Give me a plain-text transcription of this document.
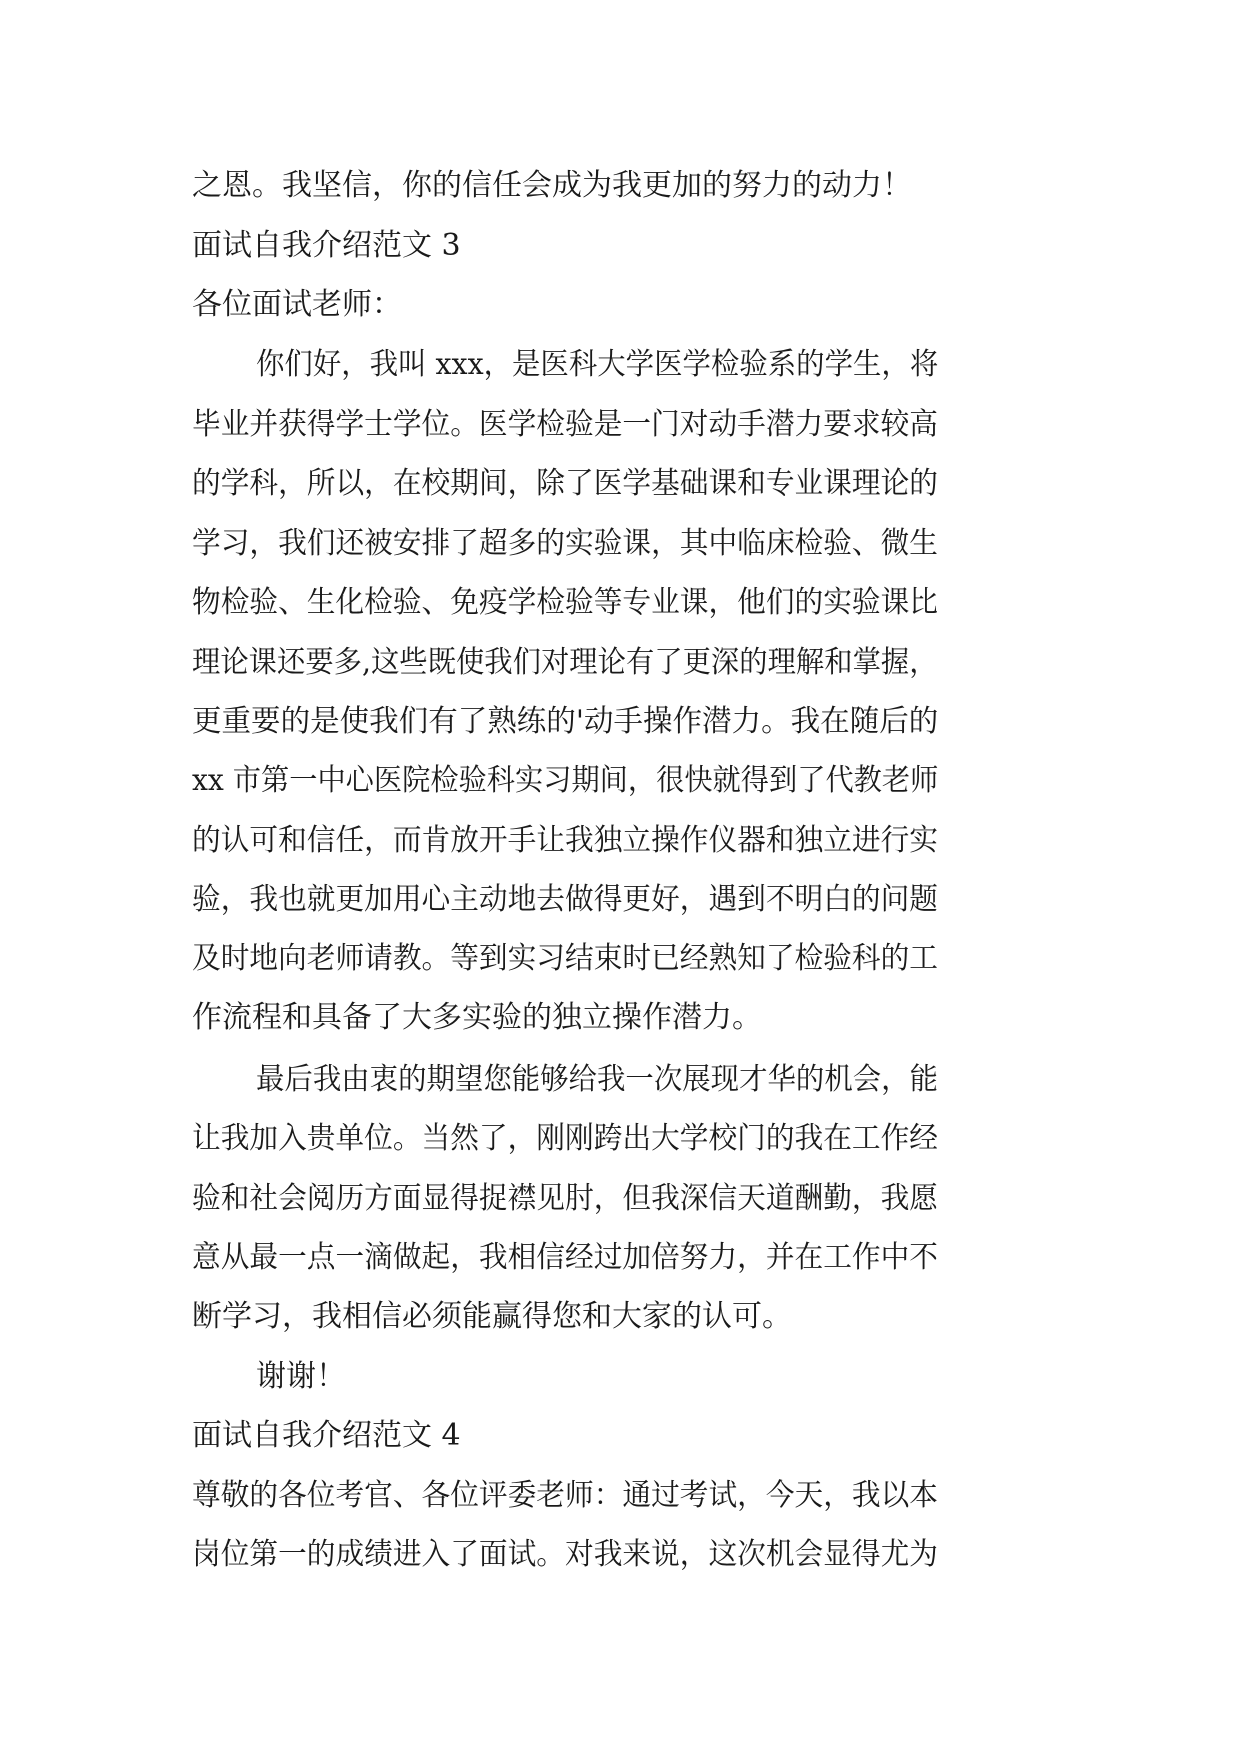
之恩。我坚信，你的信任会成为我更加的努力的动力！
面试自我介绍范文 3
各位面试老师：
你们好，我叫 xxx，是医科大学医学检验系的学生，将
毕业并获得学士学位。医学检验是一门对动手潜力要求较高
的学科，所以，在校期间，除了医学基础课和专业课理论的
学习，我们还被安排了超多的实验课，其中临床检验、微生
物检验、生化检验、免疫学检验等专业课，他们的实验课比
理论课还要多,这些既使我们对理论有了更深的理解和掌握，
更重要的是使我们有了熟练的'动手操作潜力。我在随后的
xx 市第一中心医院检验科实习期间，很快就得到了代教老师
的认可和信任，而肯放开手让我独立操作仪器和独立进行实
验，我也就更加用心主动地去做得更好，遇到不明白的问题
及时地向老师请教。等到实习结束时已经熟知了检验科的工
作流程和具备了大多实验的独立操作潜力。
最后我由衷的期望您能够给我一次展现才华的机会，能
让我加入贵单位。当然了，刚刚跨出大学校门的我在工作经
验和社会阅历方面显得捉襟见肘，但我深信天道酬勤，我愿
意从最一点一滴做起，我相信经过加倍努力，并在工作中不
断学习，我相信必须能赢得您和大家的认可。
谢谢！
面试自我介绍范文 4
尊敬的各位考官、各位评委老师：通过考试，今天，我以本
岗位第一的成绩进入了面试。对我来说，这次机会显得尤为
